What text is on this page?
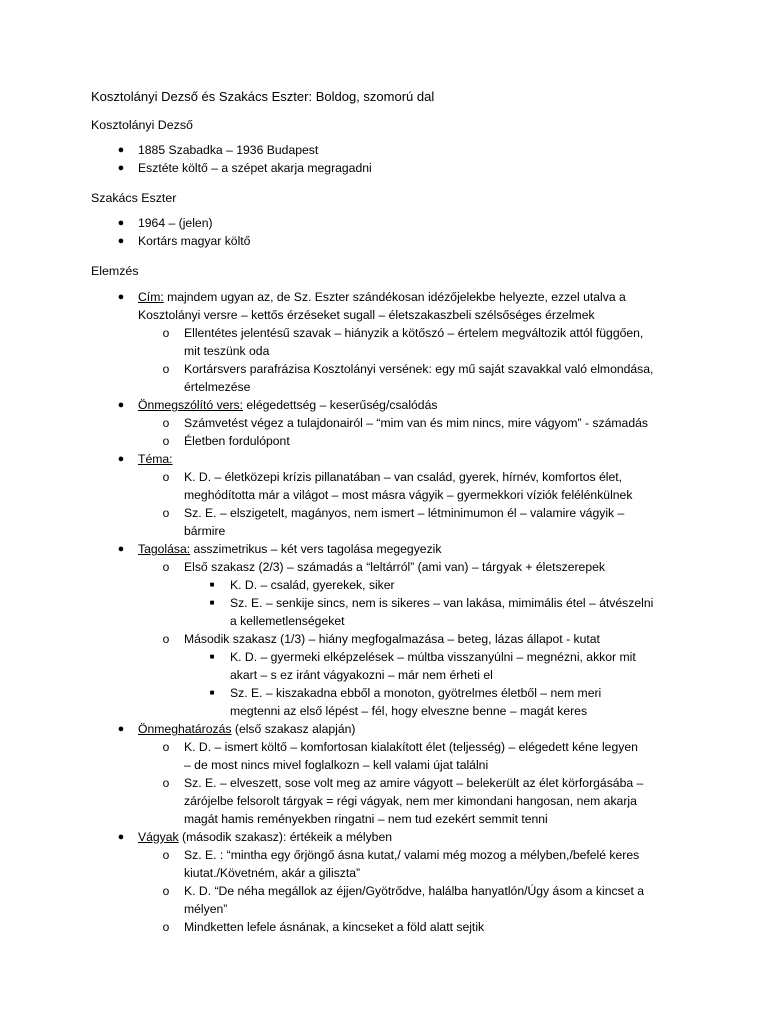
Kosztolányi Dezső és Szakács Eszter: Boldog, szomorú dal
Kosztolányi Dezső
● 1885 Szabadka – 1936 Budapest
● Esztéte költő – a szépet akarja megragadni
Szakács Eszter
● 1964 – (jelen)
● Kortárs magyar költő
Elemzés
● Cím: majndem ugyan az, de Sz. Eszter szándékosan idézőjelekbe helyezte, ezzel utalva a
Kosztolányi versre – kettős érzéseket sugall – életszakaszbeli szélsőséges érzelmek
o Ellentétes jelentésű szavak – hiányzik a kötőszó – értelem megváltozik attól függően,
mit teszünk oda
o Kortársvers parafrázisa Kosztolányi versének: egy mű saját szavakkal való elmondása,
értelmezése
● Önmegszólító vers: elégedettség – keserűség/csalódás
o Számvetést végez a tulajdonairól – “mim van és mim nincs, mire vágyom” - számadás
o Életben fordulópont
● Téma:
o K. D. – életközepi krízis pillanatában – van család, gyerek, hírnév, komfortos élet,
meghódította már a világot – most másra vágyik – gyermekkori víziók felélénkülnek
o Sz. E. – elszigetelt, magányos, nem ismert – létminimumon él – valamire vágyik –
bármire
● Tagolása: asszimetrikus – két vers tagolása megegyezik
o Első szakasz (2/3) – számadás a “leltárról” (ami van) – tárgyak + életszerepek
■ K. D. – család, gyerekek, siker
■ Sz. E. – senkije sincs, nem is sikeres – van lakása, mimimális étel – átvészelni
a kellemetlenségeket
o Második szakasz (1/3) – hiány megfogalmazása – beteg, lázas állapot - kutat
■ K. D. – gyermeki elképzelések – múltba visszanyúlni – megnézni, akkor mit
akart – s ez iránt vágyakozni – már nem érheti el
■ Sz. E. – kiszakadna ebből a monoton, gyötrelmes életből – nem meri
megtenni az első lépést – fél, hogy elveszne benne – magát keres
● Önmeghatározás (első szakasz alapján)
o K. D. – ismert költő – komfortosan kialakított élet (teljesség) – elégedett kéne legyen
– de most nincs mivel foglalkozn – kell valami újat találni
o Sz. E. – elveszett, sose volt meg az amire vágyott – belekerült az élet körforgásába –
zárójelbe felsorolt tárgyak = régi vágyak, nem mer kimondani hangosan, nem akarja
magát hamis reményekben ringatni – nem tud ezekért semmit tenni
● Vágyak (második szakasz): értékeik a mélyben
o Sz. E. : “mintha egy őrjöngő ásna kutat,/ valami még mozog a mélyben,/befelé keres
kiutat./Követném, akár a giliszta”
o K. D. “De néha megállok az éjjen/Gyötrődve, halálba hanyatlón/Úgy ásom a kincset a
mélyen”
o Mindketten lefele ásnának, a kincseket a föld alatt sejtik
